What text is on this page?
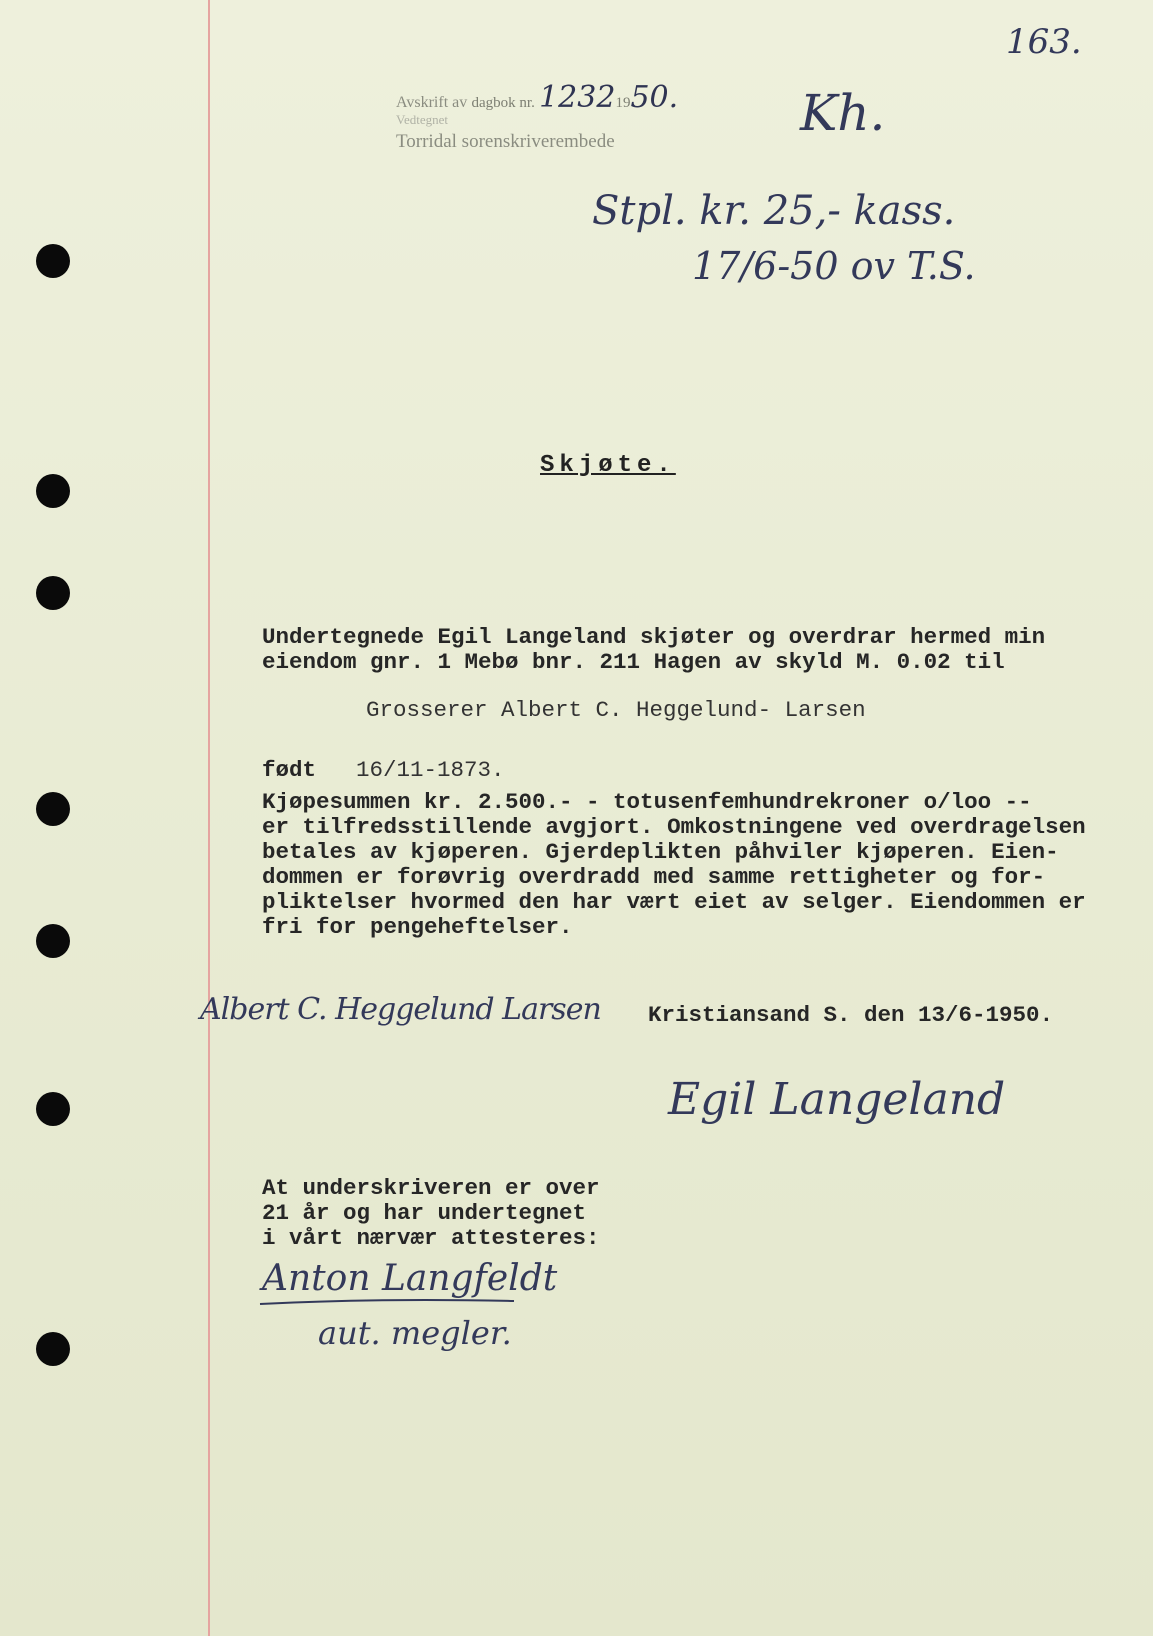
Avskrift av dagbok nr. 12321950.
Vedtegnet
Torridal sorenskriverembede
163.
Kh.
Stpl. kr. 25,- kass.
17/6-50 ov T.S.
Skjøte.
Undertegnede Egil Langeland skjøter og overdrar hermed min
eiendom gnr. 1 Mebø bnr. 211 Hagen av skyld M. 0.02 til
Grosserer Albert C. Heggelund- Larsen
født 16/11-1873.
Kjøpesummen kr. 2.500.- - totusenfemhundrekroner o/loo --
er tilfredsstillende avgjort. Omkostningene ved overdragelsen
betales av kjøperen. Gjerdeplikten påhviler kjøperen. Eien-
dommen er forøvrig overdradd med samme rettigheter og for-
pliktelser hvormed den har vært eiet av selger. Eiendommen er
fri for pengeheftelser.
Albert C. Heggelund Larsen Kristiansand S. den 13/6-1950.
Egil Langeland
At underskriveren er over
21 år og har undertegnet
i vårt nærvær attesteres:
Anton Langfeldt
aut. megler.
